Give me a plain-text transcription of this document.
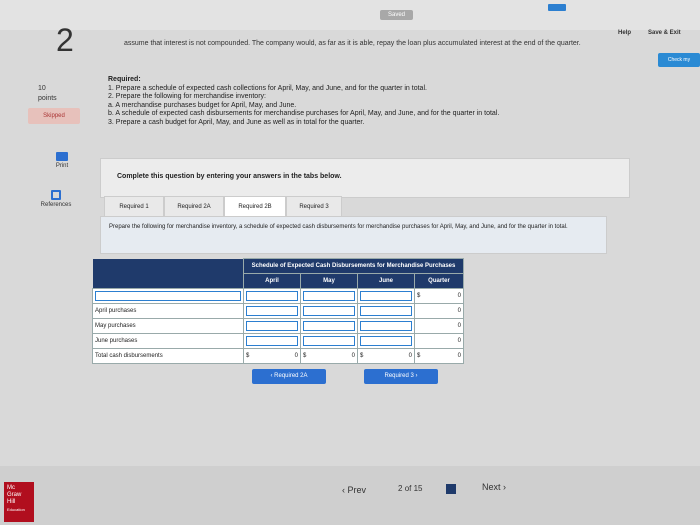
Saved
Help	Save & Exit
Check my
2
10
points
Skipped
Print
References
assume that interest is not compounded. The company would, as far as it is able, repay the loan plus accumulated interest at the end of the quarter.
Required:
1. Prepare a schedule of expected cash collections for April, May, and June, and for the quarter in total.
2. Prepare the following for merchandise inventory:
a. A merchandise purchases budget for April, May, and June.
b. A schedule of expected cash disbursements for merchandise purchases for April, May, and June, and for the quarter in total.
3. Prepare a cash budget for April, May, and June as well as in total for the quarter.
Complete this question by entering your answers in the tabs below.
Required 1	Required 2A	Required 2B	Required 3
Prepare the following for merchandise inventory, a schedule of expected cash disbursements for merchandise purchases for April, May, and June, and for the quarter in total.
	Schedule of Expected Cash Disbursements for Merchandise Purchases			
	April	May	June	Quarter

				$ 0
April purchases				0
May purchases				0
June purchases				0
Total cash disbursements	$ 0	$ 0	$ 0	$ 0
‹ Required 2A	Required 3 ›
Mc
Graw
Hill
Education
‹ Prev	2 of 15	Next ›
